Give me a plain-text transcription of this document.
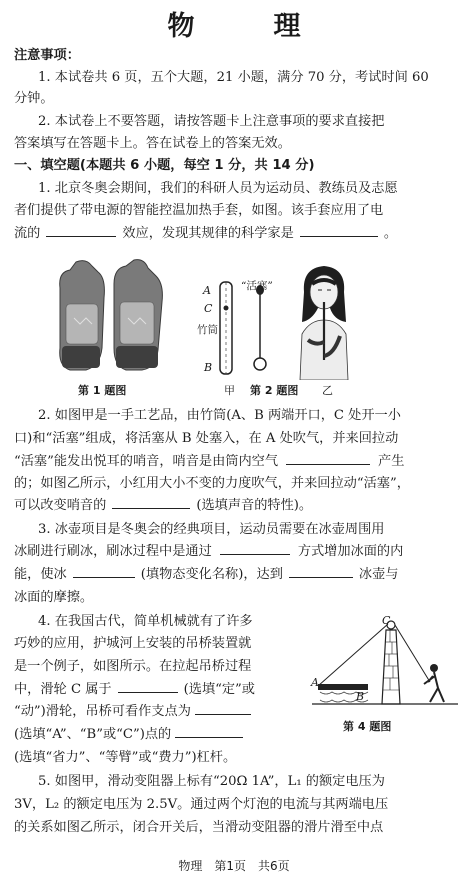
物　理
注意事项：
1. 本试卷共 6 页，五个大题，21 小题，满分 70 分，考试时间 60
分钟。
2. 本试卷上不要答题，请按答题卡上注意事项的要求直接把
答案填写在答题卡上。答在试卷上的答案无效。
一、填空题(本题共 6 小题，每空 1 分，共 14 分)
1. 北京冬奥会期间，我们的科研人员为运动员、教练员及志愿
者们提供了带电源的智能控温加热手套，如图。该手套应用了电
流的	效应，发现其规律的科学家是	。
第 1 题图
A
C
B
竹筒
“活塞”
甲 第 2 题图 乙
2. 如图甲是一手工艺品，由竹筒(A、B 两端开口，C 处开一小
口)和“活塞”组成，将活塞从 B 处塞入，在 A 处吹气，并来回拉动
“活塞”能发出悦耳的哨音，哨音是由筒内空气	产生
的；如图乙所示，小红用大小不变的力度吹气，并来回拉动“活塞”，
可以改变哨音的	(选填声音的特性)。
3. 冰壶项目是冬奥会的经典项目，运动员需要在冰壶周围用
冰刷进行刷冰，刷冰过程中是通过	方式增加冰面的内
能，使冰	(填物态变化名称)，达到	冰壶与
冰面的摩擦。
4. 在我国古代，简单机械就有了许多
巧妙的应用，护城河上安装的吊桥装置就
是一个例子，如图所示。在拉起吊桥过程
中，滑轮 C 属于	(选填“定”或
“动”)滑轮，吊桥可看作支点为
(选填“A”、“B”或“C”)点的
(选填“省力”、“等臂”或“费力”)杠杆。
C
A
B
第 4 题图
5. 如图甲，滑动变阻器上标有“20Ω 1A”，L₁ 的额定电压为
3V，L₂ 的额定电压为 2.5V。通过两个灯泡的电流与其两端电压
的关系如图乙所示，闭合开关后，当滑动变阻器的滑片滑至中点
物理　第1页　共6页
